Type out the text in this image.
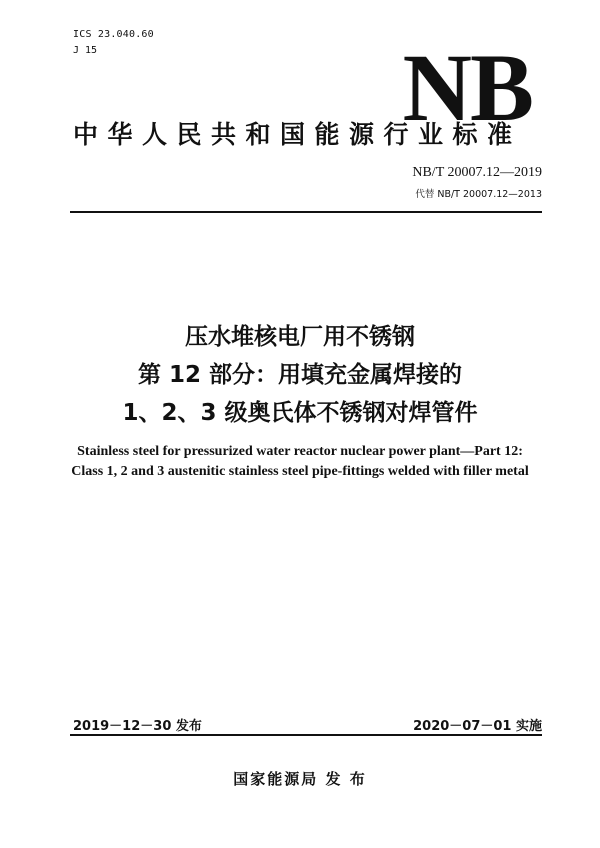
ICS 23.040.60
J 15	NB
中华人民共和国能源行业标准
NB/T 20007.12—2019
代替 NB/T 20007.12—2013
压水堆核电厂用不锈钢
第 12 部分：用填充金属焊接的
1、2、3 级奥氏体不锈钢对焊管件
Stainless steel for pressurized water reactor nuclear power plant—Part 12:
Class 1, 2 and 3 austenitic stainless steel pipe-fittings welded with filler metal
2019－12－30 发布	2020－07－01 实施
国家能源局 发 布
